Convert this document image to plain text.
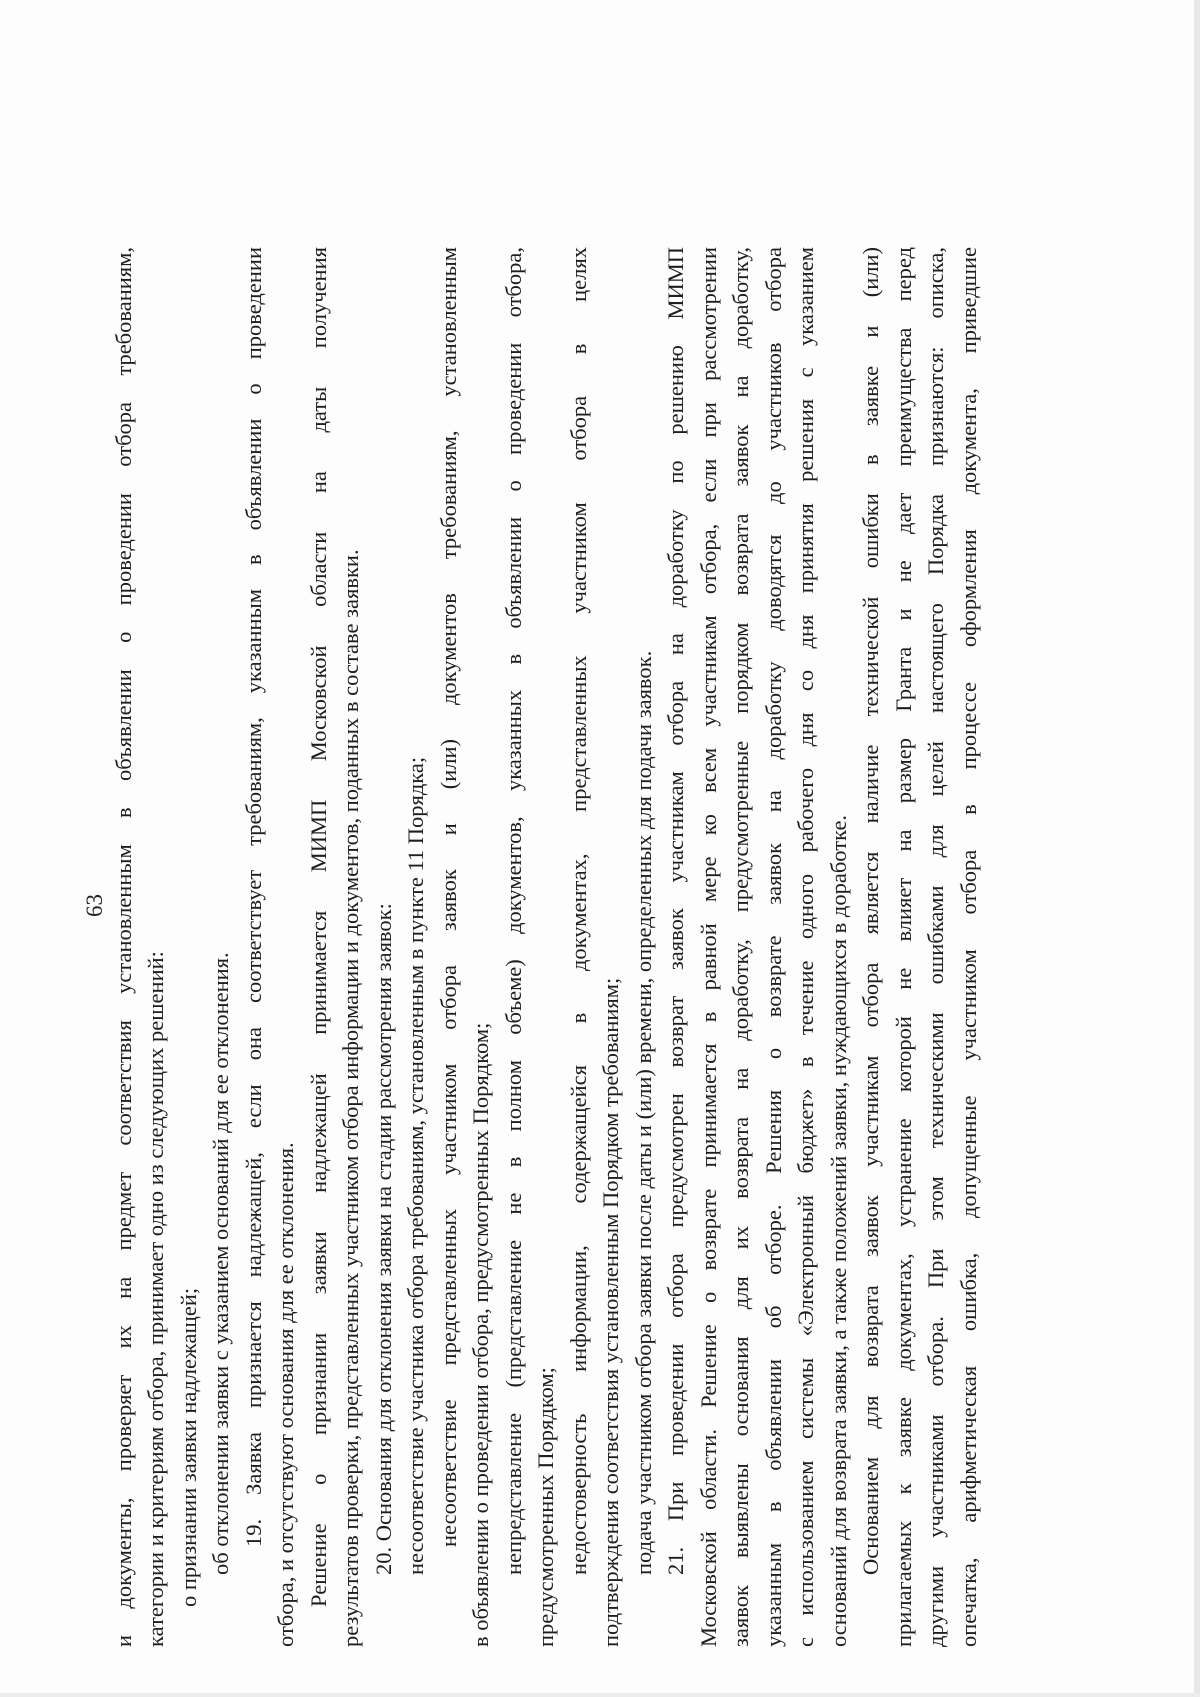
63 и документы, проверяет их на предмет соответствия установленным в объявлении о проведении отбора требованиям, категории и критериям отбора, принимает одно из следующих решений: о признании заявки надлежащей; об отклонении заявки с указанием оснований для ее отклонения. 19. Заявка признается надлежащей, если она соответствует требованиям, указанным в объявлении о проведении отбора, и отсутствуют основания для ее отклонения. Решение о признании заявки надлежащей принимается МИМП Московской области на даты получения результатов проверки, представленных участником отбора информации и документов, поданных в составе заявки. 20. Основания для отклонения заявки на стадии рассмотрения заявок: несоответствие участника отбора требованиям, установленным в пункте 11 Порядка; несоответствие представленных участником отбора заявок и (или) документов требованиям, установленным в объявлении о проведении отбора, предусмотренных Порядком; непредставление (представление не в полном объеме) документов, указанных в объявлении о проведении отбора, предусмотренных Порядком; недостоверность информации, содержащейся в документах, представленных участником отбора в целях подтверждения соответствия установленным Порядком требованиям; подача участником отбора заявки после даты и (или) времени, определенных для подачи заявок. 21. При проведении отбора предусмотрен возврат заявок участникам отбора на доработку по решению МИМП Московской области. Решение о возврате принимается в равной мере ко всем участникам отбора, если при рассмотрении заявок выявлены основания для их возврата на доработку, предусмотренные порядком возврата заявок на доработку, указанным в объявлении об отборе. Решения о возврате заявок на доработку доводятся до участников отбора с использованием системы «Электронный бюджет» в течение одного рабочего дня со дня принятия решения с указанием оснований для возврата заявки, а также положений заявки, нуждающихся в доработке. Основанием для возврата заявок участникам отбора является наличие технической ошибки в заявке и (или) прилагаемых к заявке документах, устранение которой не влияет на размер Гранта и не дает преимущества перед другими участниками отбора. При этом техническими ошибками для целей настоящего Порядка признаются: описка, опечатка, арифметическая ошибка, допущенные участником отбора в процессе оформления документа, приведшие
